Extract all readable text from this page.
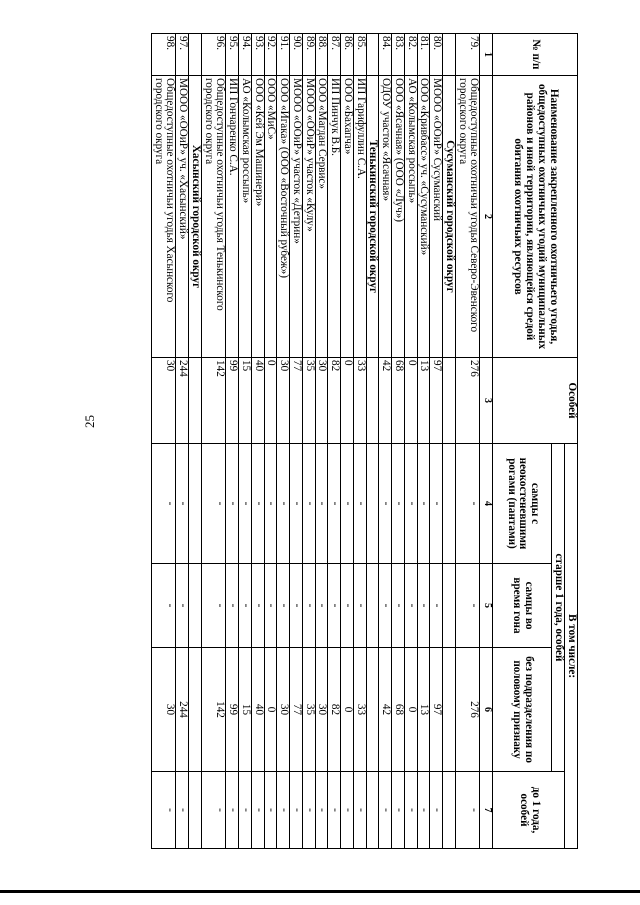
25
№ п/п	Наименование закрепленного охотничьего угодья, общедоступных охотничьих угодий муниципальных районов и иной территории, являющейся средой обитания охотничьих ресурсов	Особей	В том числе:			
			старше 1 года, особей			до 1 года, особей
			самцы с неокостеневшими рогами (пантами)	самцы во время гона	без подразделения по половому признаку	
1	2	3	4	5	6	7
79.	Общедоступные охотничьи угодья Северо-Эвенского городского округа	276	-	-	276	-
	Сусуманский городской округ					
80.	МООО «ООиР» Сусуманский	97	-	-	97	-
81.	ООО «Кривбасс» уч. «Сусуманский»	13	-	-	13	-
82.	АО «Колымская россыпь»	0	-	-	0	-
83.	ООО «Ясачная» (ООО «Луч»)	68	-	-	68	-
84.	ОДОУ участок «Ясачная»	42	-	-	42	-
	Тенькинский городской округ					
85.	ИП Гарифуллин С.А.	33	-	-	33	-
86.	ООО «Бахапча»	0	-	-	0	-
87.	ИП Пинчук В.Б.	82	-	-	82	-
88.	ООО «Магдан Сервис»	30	-	-	30	-
89.	МООО «ООиР» участок «Кулу»	35	-	-	35	-
90.	МООО «ООиР» участок «Детрин»	77	-	-	77	-
91.	ООО «Игака» (ООО «Восточный рубеж»)	30	-	-	30	-
92.	ООО «МиС»	0	-	-	0	-
93.	ООО «Кей Эм Машинери»	40	-	-	40	-
94.	АО «Колымская россыпь»	15	-	-	15	-
95.	ИП Гончаренко С.А.	99	-	-	99	-
96.	Общедоступные охотничьи угодья Тенькинского городского округа	142	-	-	142	-
	Хасынский городской округ					
97.	МООО «ООиР» уч. «Хасынский»	244	-	-	244	-
98.	Общедоступные охотничьи угодья Хасынского городского округа	30	-	-	30	-
